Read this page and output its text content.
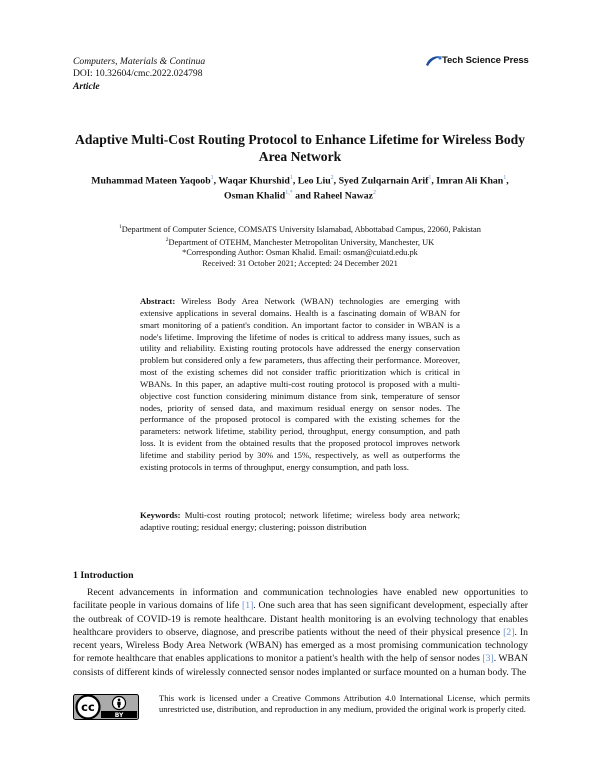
Computers, Materials & Continua
DOI: 10.32604/cmc.2022.024798
Article
Tech Science Press
Adaptive Multi-Cost Routing Protocol to Enhance Lifetime for Wireless Body Area Network
Muhammad Mateen Yaqoob$^1$, Waqar Khurshid$^1$, Leo Liu$^2$, Syed Zulqarnain Arif$^1$, Imran Ali Khan$^1$,
Osman Khalid$^{1,*}$ and Raheel Nawaz$^2$
$^1$Department of Computer Science, COMSATS University Islamabad, Abbottabad Campus, 22060, Pakistan
$^2$Department of OTEHM, Manchester Metropolitan University, Manchester, UK
*Corresponding Author: Osman Khalid. Email: osman@cuiatd.edu.pk
Received: 31 October 2021; Accepted: 24 December 2021
Abstract: Wireless Body Area Network (WBAN) technologies are emerging with extensive applications in several domains. Health is a fascinating domain of WBAN for smart monitoring of a patient's condition. An important factor to consider in WBAN is a node's lifetime. Improving the lifetime of nodes is critical to address many issues, such as utility and reliability. Existing routing protocols have addressed the energy conservation problem but considered only a few parameters, thus affecting their performance. Moreover, most of the existing schemes did not consider traffic prioritization which is critical in WBANs. In this paper, an adaptive multi-cost routing protocol is proposed with a multi-objective cost function considering minimum distance from sink, temperature of sensor nodes, priority of sensed data, and maximum residual energy on sensor nodes. The performance of the proposed protocol is compared with the existing schemes for the parameters: network lifetime, stability period, throughput, energy consumption, and path loss. It is evident from the obtained results that the proposed protocol improves network lifetime and stability period by 30% and 15%, respectively, as well as outperforms the existing protocols in terms of throughput, energy consumption, and path loss.
Keywords: Multi-cost routing protocol; network lifetime; wireless body area network; adaptive routing; residual energy; clustering; poisson distribution
1 Introduction
Recent advancements in information and communication technologies have enabled new opportunities to facilitate people in various domains of life [1]. One such area that has seen significant development, especially after the outbreak of COVID-19 is remote healthcare. Distant health monitoring is an evolving technology that enables healthcare providers to observe, diagnose, and prescribe patients without the need of their physical presence [2]. In recent years, Wireless Body Area Network (WBAN) has emerged as a most promising communication technology for remote healthcare that enables applications to monitor a patient's health with the help of sensor nodes [3]. WBAN consists of different kinds of wirelessly connected sensor nodes implanted or surface mounted on a human body. The
cc
BY
This work is licensed under a Creative Commons Attribution 4.0 International License, which permits unrestricted use, distribution, and reproduction in any medium, provided the original work is properly cited.
